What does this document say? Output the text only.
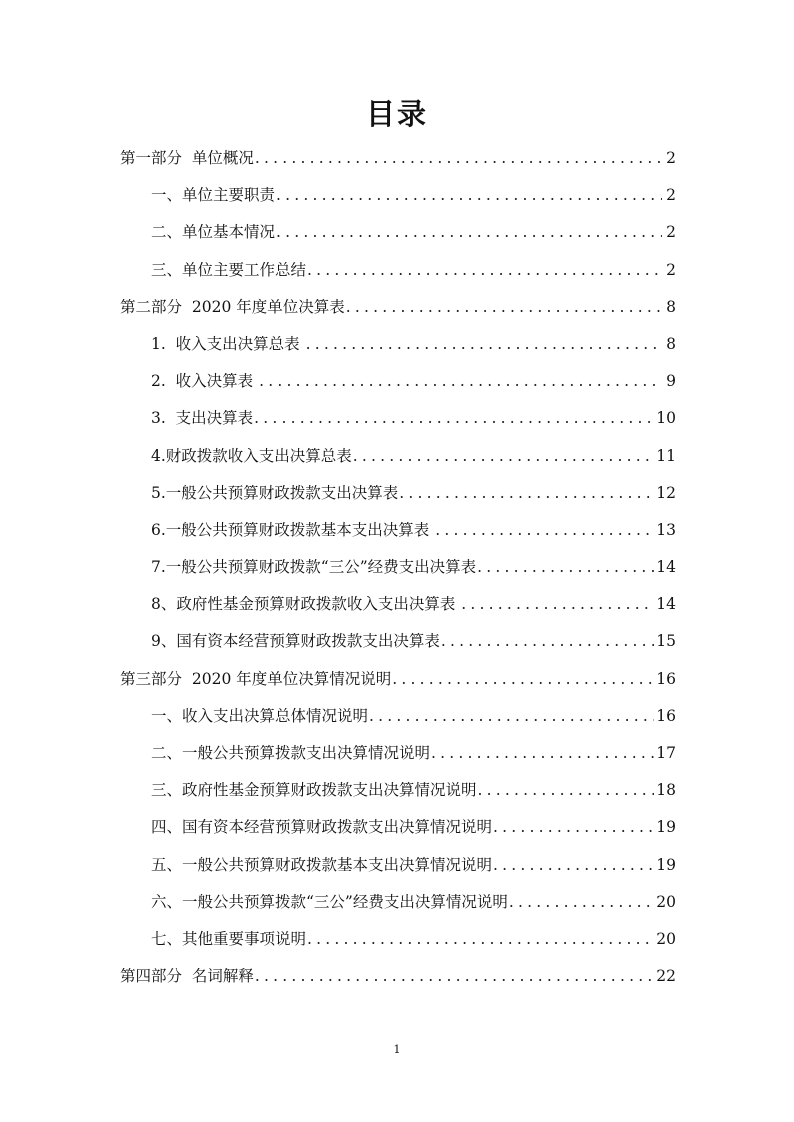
目录
第一部分  单位概况 .....	2
一、单位主要职责 .....	2
二、单位基本情况 .....	2
三、单位主要工作总结 .....	2
第二部分  2020 年度单位决算表 .....	8
1.  收入支出决算总表 .....	8
2.  收入决算表 .....	9
3.  支出决算表 .....	10
4.财政拨款收入支出决算总表 .....	11
5.一般公共预算财政拨款支出决算表 .....	12
6.一般公共预算财政拨款基本支出决算表 .....	13
7.一般公共预算财政拨款“三公”经费支出决算表 .....	14
8、政府性基金预算财政拨款收入支出决算表 .....	14
9、国有资本经营预算财政拨款支出决算表 .....	15
第三部分  2020 年度单位决算情况说明 .....	16
一、收入支出决算总体情况说明 .....	16
二、一般公共预算拨款支出决算情况说明 .....	17
三、政府性基金预算财政拨款支出决算情况说明 .....	18
四、国有资本经营预算财政拨款支出决算情况说明 .....	19
五、一般公共预算财政拨款基本支出决算情况说明 .....	19
六、一般公共预算拨款“三公”经费支出决算情况说明 .....	20
七、其他重要事项说明 .....	20
第四部分  名词解释 .....	22
1
